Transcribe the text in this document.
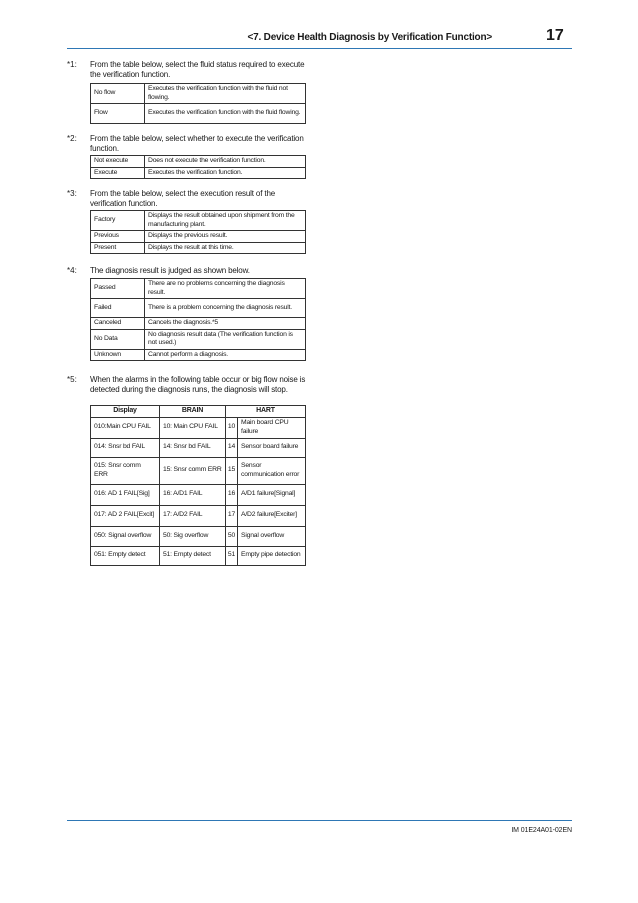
<7. Device Health Diagnosis by Verification Function>	17
*1: From the table below, select the fluid status required to execute the verification function.
No flow	Executes the verification function with the fluid not flowing.
Flow	Executes the verification function with the fluid flowing.
*2: From the table below, select whether to execute the verification function.
Not execute	Does not execute the verification function.
Execute	Executes the verification function.
*3: From the table below, select the execution result of the verification function.
Factory	Displays the result obtained upon shipment from the manufacturing plant.
Previous	Displays the previous result.
Present	Displays the result at this time.
*4: The diagnosis result is judged as shown below.
Passed	There are no problems concerning the diagnosis result.
Failed	There is a problem concerning the diagnosis result.
Canceled	Cancels the diagnosis.*5
No Data	No diagnosis result data (The verification function is not used.)
Unknown	Cannot perform a diagnosis.
*5: When the alarms in the following table occur or big flow noise is detected during the diagnosis runs, the diagnosis will stop.
Display	BRAIN	HART	
010:Main CPU FAIL	10: Main CPU FAIL	10	Main board CPU failure
014: Snsr bd FAIL	14: Snsr bd FAIL	14	Sensor board failure
015: Snsr comm ERR	15: Snsr comm ERR	15	Sensor communication error
016: AD 1 FAIL[Sig]	16: A/D1 FAIL	16	A/D1 failure[Signal]
017: AD 2 FAIL[Excit]	17: A/D2 FAIL	17	A/D2 failure[Exciter]
050: Signal overflow	50: Sig overflow	50	Signal overflow
051: Empty detect	51: Empty detect	51	Empty pipe detection
IM 01E24A01-02EN
